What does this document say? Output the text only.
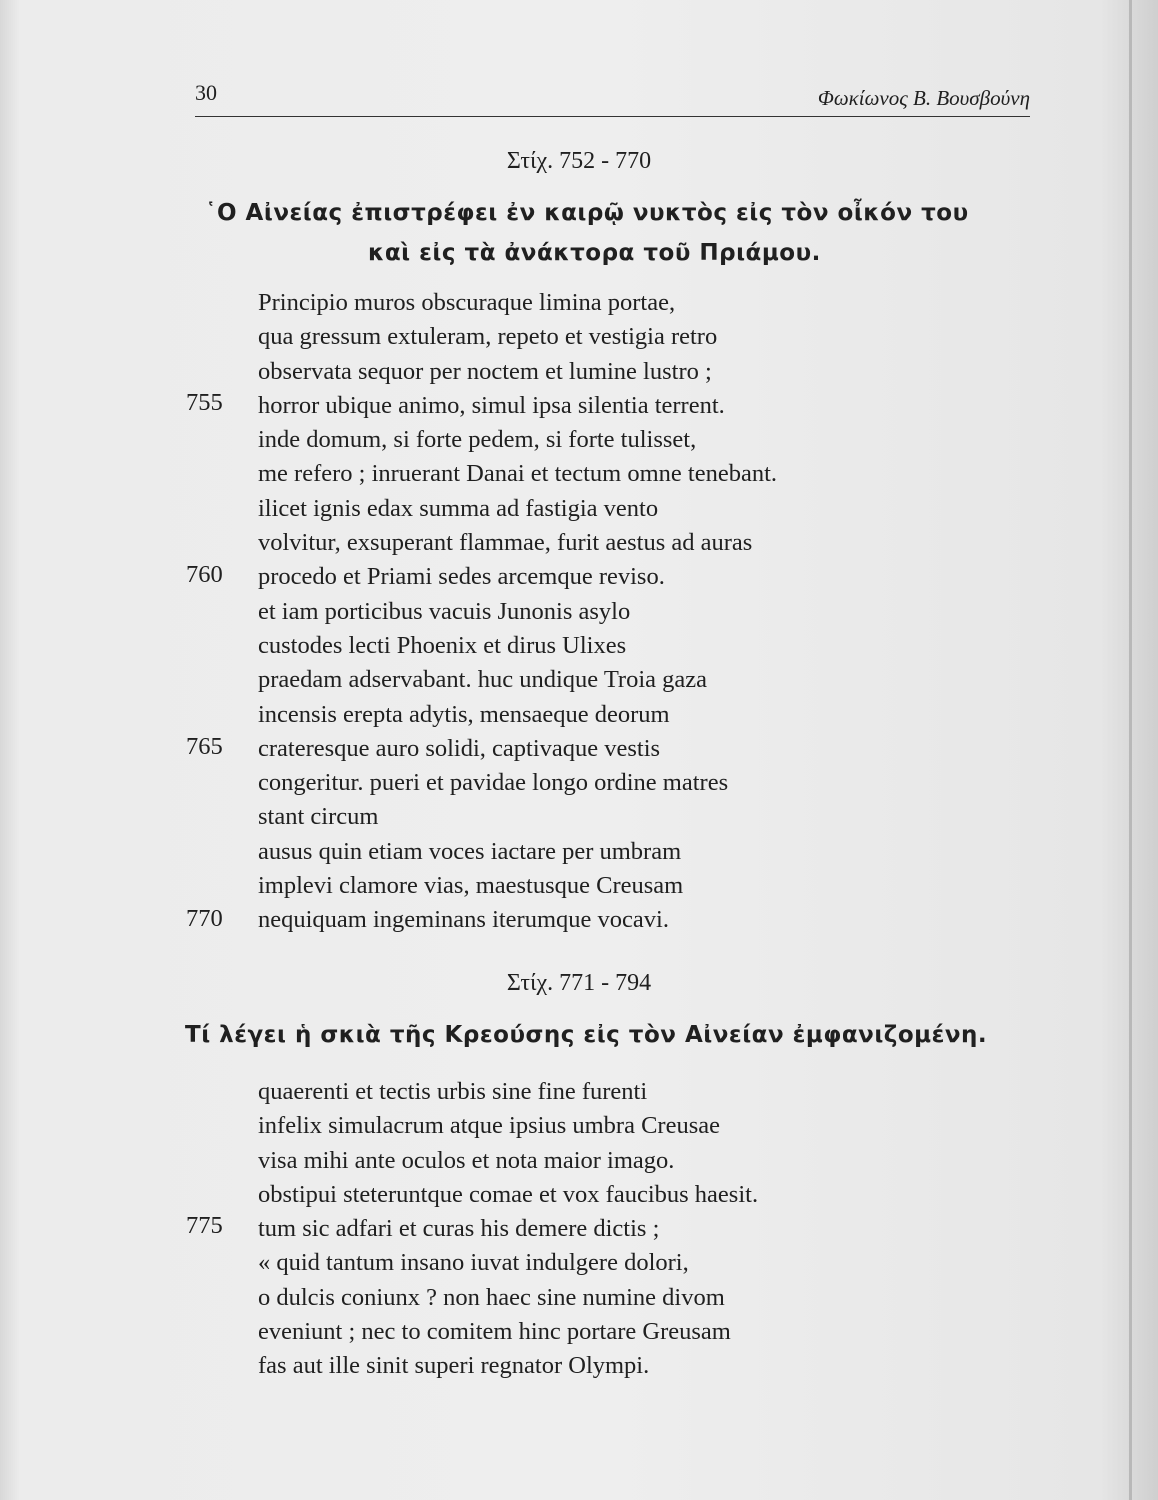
30	Φωκίωνος Β. Βουσβούνη
Στίχ. 752 - 770
῾Ο Αἰνείας ἐπιστρέφει ἐν καιρῷ νυκτὸς εἰς τὸν οἶκόν του
καὶ εἰς τὰ ἀνάκτορα τοῦ Πριάμου.
Principio muros obscuraque limina portae,
qua gressum extuleram, repeto et vestigia retro
observata sequor per noctem et lumine lustro ;
horror ubique animo, simul ipsa silentia terrent.
inde domum, si forte pedem, si forte tulisset,
me refero ; inruerant Danai et tectum omne tenebant.
ilicet ignis edax summa ad fastigia vento
volvitur, exsuperant flammae, furit aestus ad auras
procedo et Priami sedes arcemque reviso.
et iam porticibus vacuis Junonis asylo
custodes lecti Phoenix et dirus Ulixes
praedam adservabant. huc undique Troia gaza
incensis erepta adytis, mensaeque deorum
crateresque auro solidi, captivaque vestis
congeritur. pueri et pavidae longo ordine matres
stant circum
ausus quin etiam voces iactare per umbram
implevi clamore vias, maestusque Creusam
nequiquam ingeminans iterumque vocavi.
755
760
765
770
Στίχ. 771 - 794
Τί λέγει ἡ σκιὰ τῆς Κρεούσης εἰς τὸν Αἰνείαν ἐμφανιζομένη.
quaerenti et tectis urbis sine fine furenti
infelix simulacrum atque ipsius umbra Creusae
visa mihi ante oculos et nota maior imago.
obstipui steteruntque comae et vox faucibus haesit.
tum sic adfari et curas his demere dictis ;
« quid tantum insano iuvat indulgere dolori,
o dulcis coniunx ? non haec sine numine divom
eveniunt ; nec to comitem hinc portare Greusam
fas aut ille sinit superi regnator Olympi.
775
